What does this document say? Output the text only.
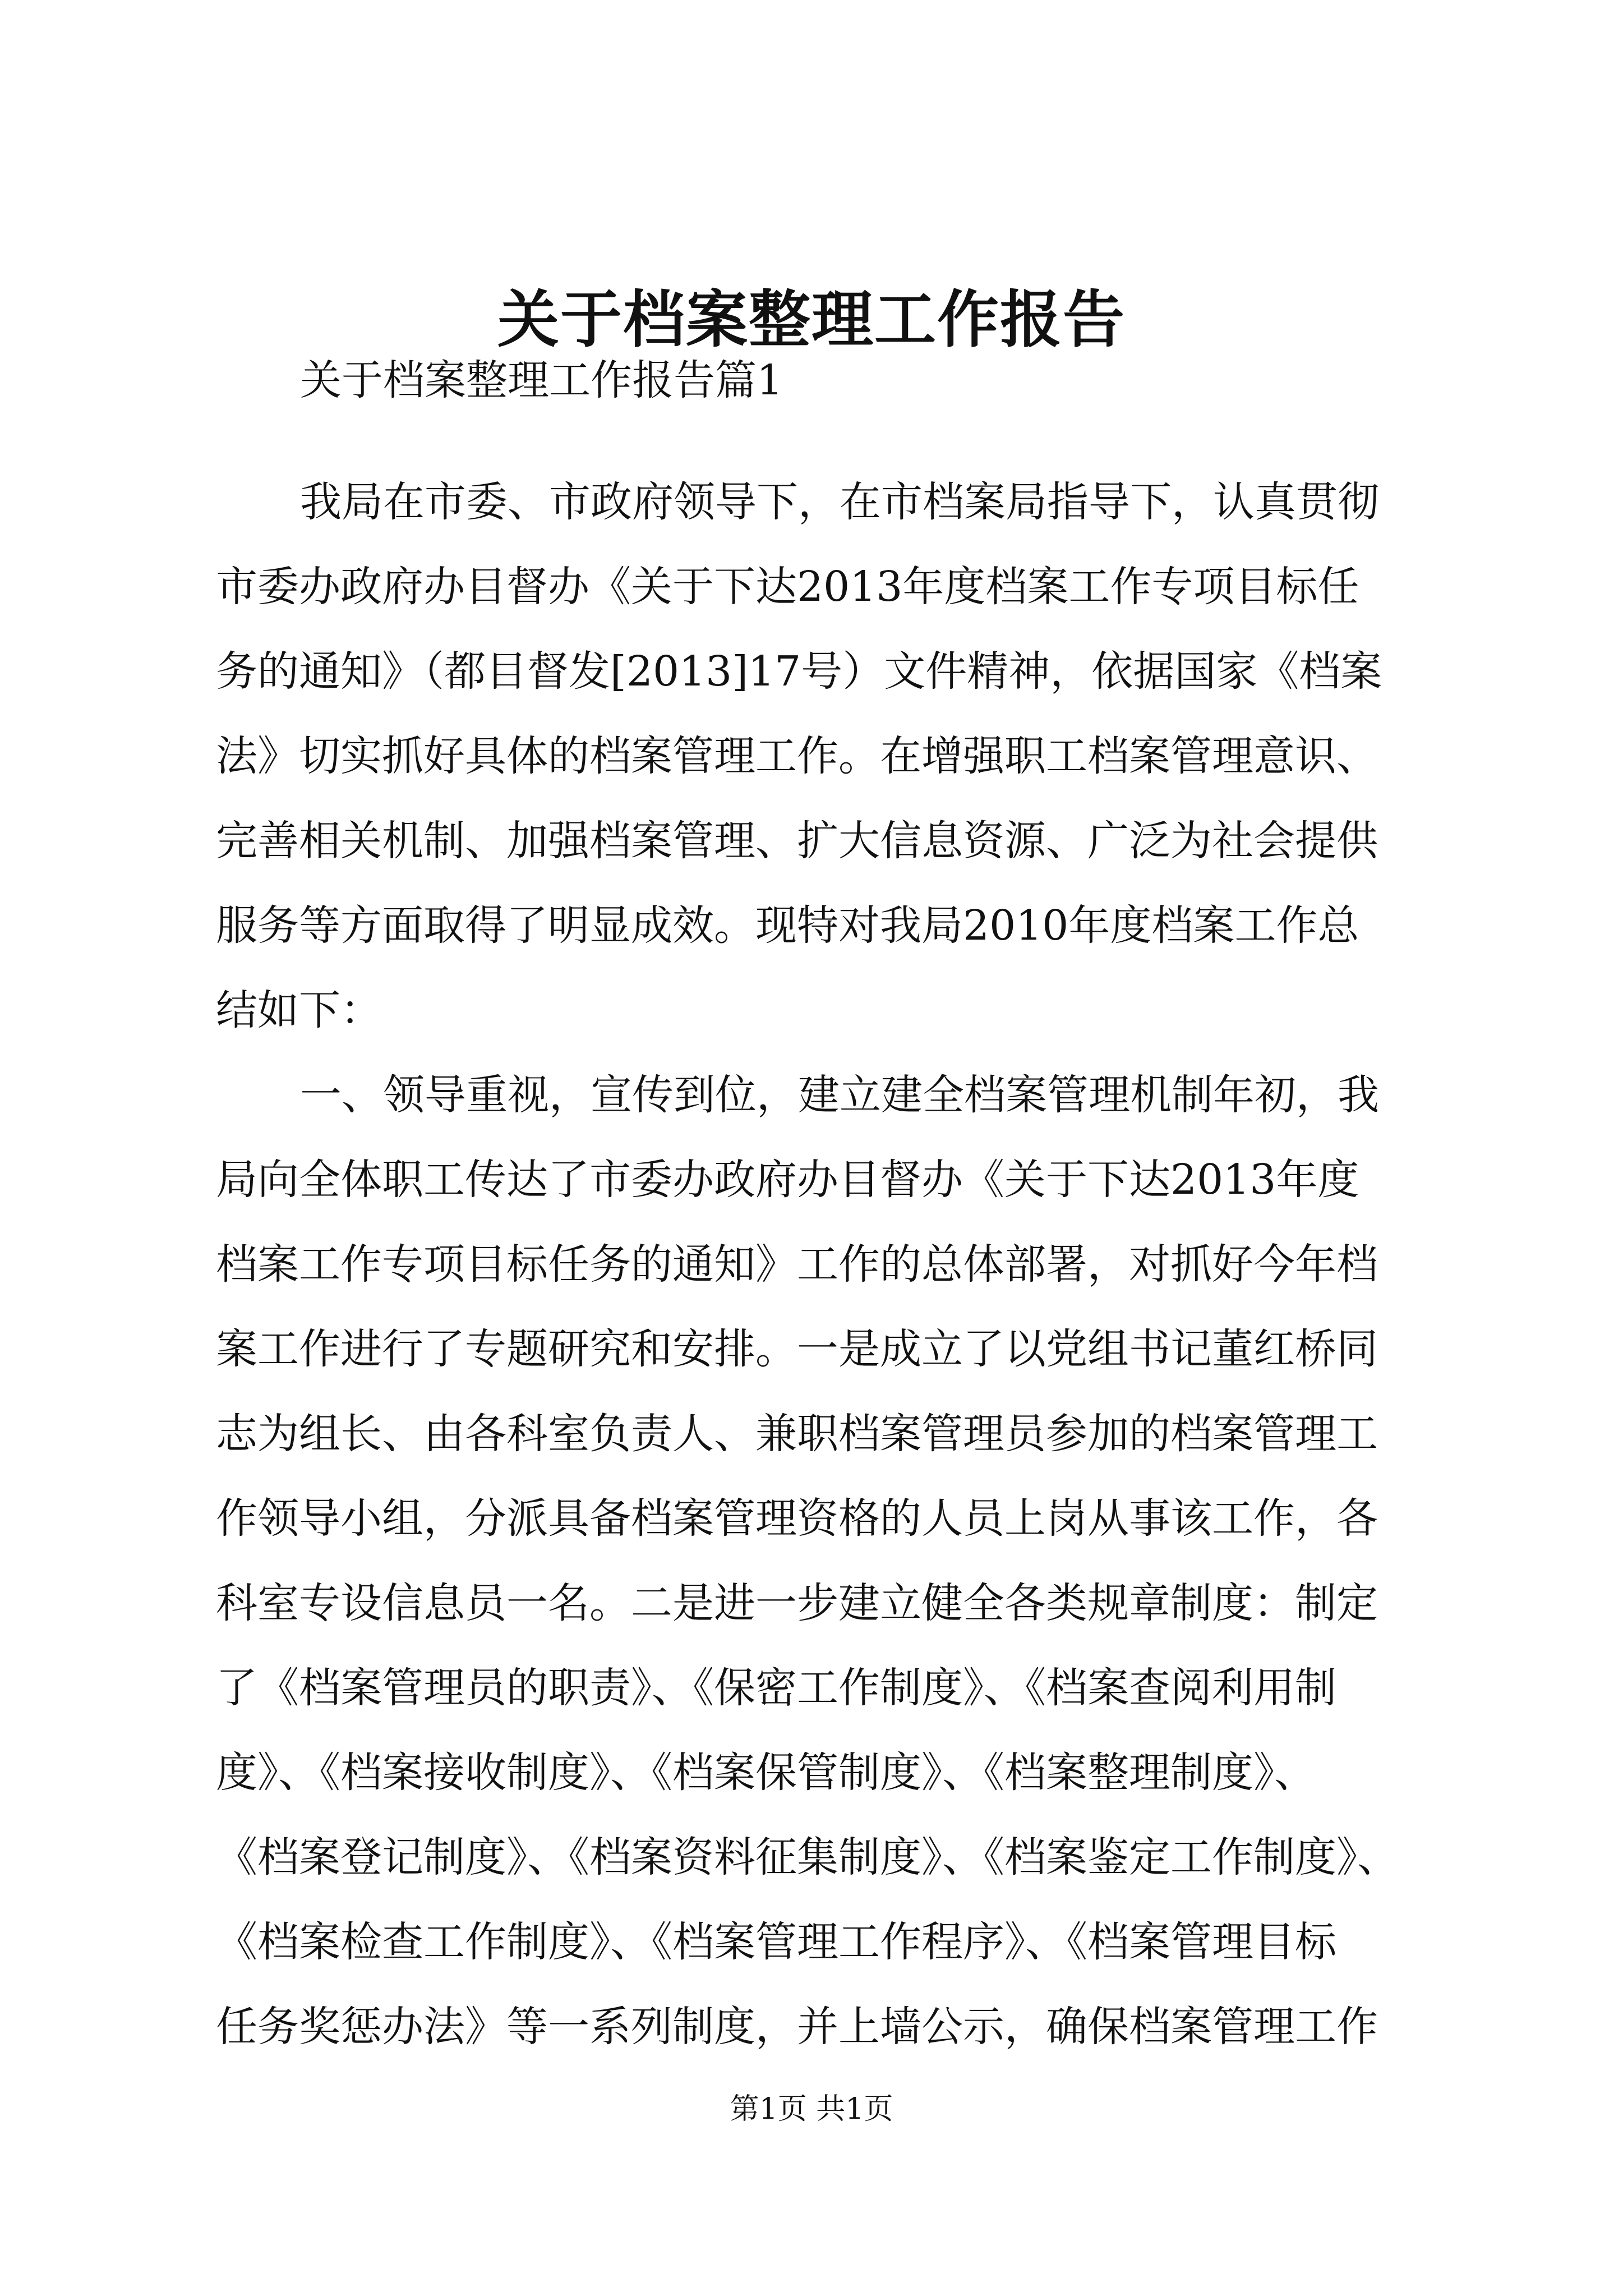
关于档案整理工作报告
关于档案整理工作报告篇1
我局在市委、市政府领导下，在市档案局指导下，认真贯彻
市委办政府办目督办《关于下达2013年度档案工作专项目标任
务的通知》（都目督发[2013]17号）文件精神，依据国家《档案
法》切实抓好具体的档案管理工作。在增强职工档案管理意识、
完善相关机制、加强档案管理、扩大信息资源、广泛为社会提供
服务等方面取得了明显成效。现特对我局2010年度档案工作总
结如下：
一、领导重视，宣传到位，建立建全档案管理机制年初，我
局向全体职工传达了市委办政府办目督办《关于下达2013年度
档案工作专项目标任务的通知》工作的总体部署，对抓好今年档
案工作进行了专题研究和安排。一是成立了以党组书记董红桥同
志为组长、由各科室负责人、兼职档案管理员参加的档案管理工
作领导小组，分派具备档案管理资格的人员上岗从事该工作，各
科室专设信息员一名。二是进一步建立健全各类规章制度：制定
了《档案管理员的职责》、《保密工作制度》、《档案查阅利用制
度》、《档案接收制度》、《档案保管制度》、《档案整理制度》、
《档案登记制度》、《档案资料征集制度》、《档案鉴定工作制度》、
《档案检查工作制度》、《档案管理工作程序》、《档案管理目标
任务奖惩办法》等一系列制度，并上墙公示，确保档案管理工作
第1页 共1页
